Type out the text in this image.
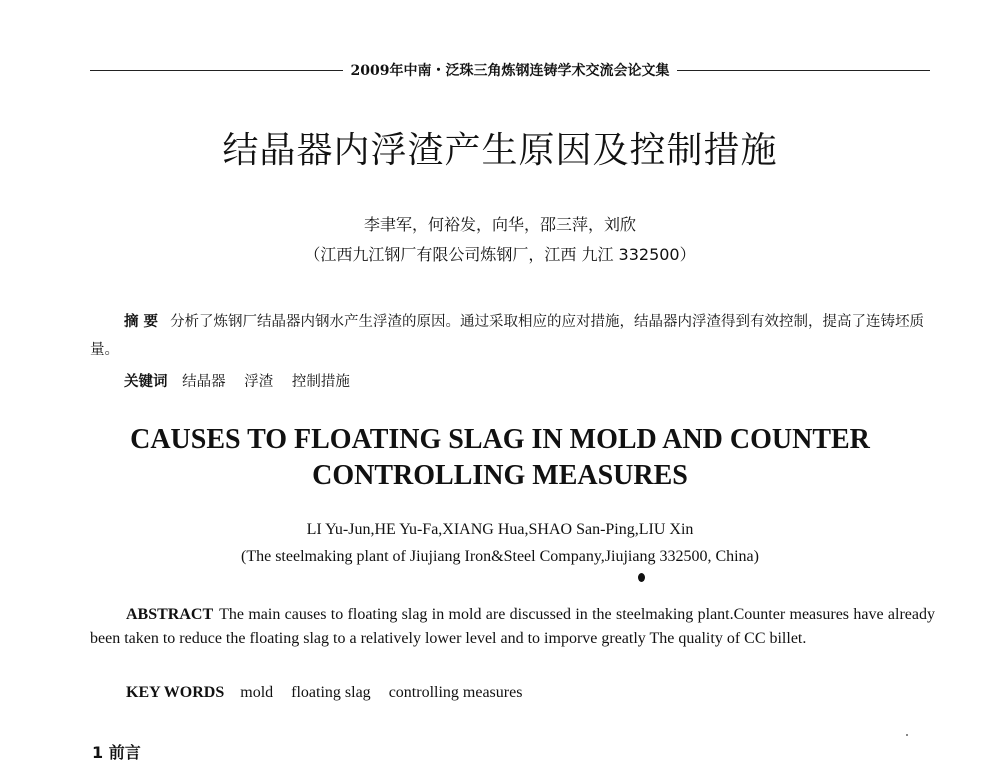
2009年中南・泛珠三角炼钢连铸学术交流会论文集
结晶器内浮渣产生原因及控制措施
李聿军，何裕发，向华，邵三萍，刘欣
（江西九江钢厂有限公司炼钢厂，江西 九江 332500）
摘 要 分析了炼钢厂结晶器内钢水产生浮渣的原因。通过采取相应的应对措施，结晶器内浮渣得到有效控制，提高了连铸坯质量。
关键词 结晶器 浮渣 控制措施
CAUSES TO FLOATING SLAG IN MOLD AND COUNTER
CONTROLLING MEASURES
LI Yu-Jun,HE Yu-Fa,XIANG Hua,SHAO San-Ping,LIU Xin
(The steelmaking plant of Jiujiang Iron&Steel Company,Jiujiang 332500, China)
ABSTRACT The main causes to floating slag in mold are discussed in the steelmaking plant.Counter measures have already been taken to reduce the floating slag to a relatively lower level and to imporve greatly The quality of CC billet.
KEY WORDS mold floating slag controlling measures
1 前言
